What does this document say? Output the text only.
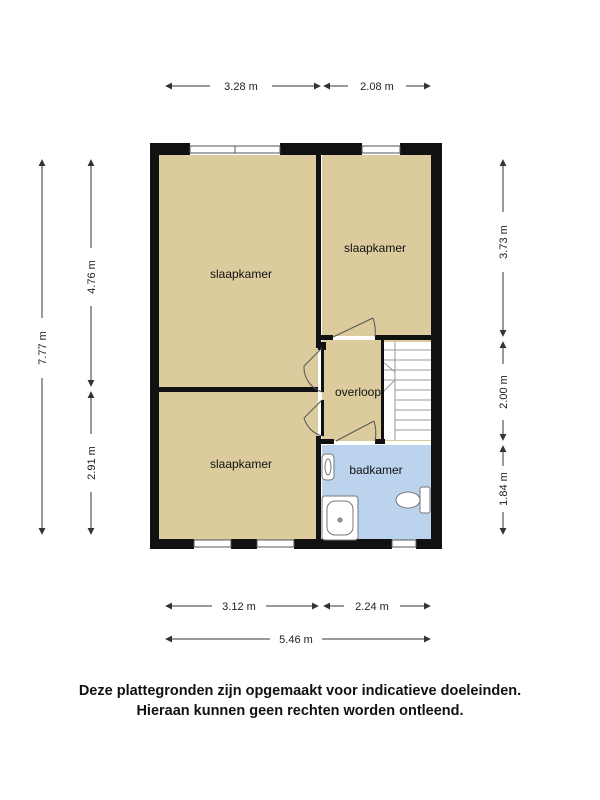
slaapkamer
slaapkamer
overloop
slaapkamer	badkamer
3.28 m	2.08 m
3.12 m	2.24 m
5.46 m
7.77 m
4.76 m
2.91 m
3.73 m
2.00 m
1.84 m
Deze plattegronden zijn opgemaakt voor indicatieve doeleinden.
Hieraan kunnen geen rechten worden ontleend.
